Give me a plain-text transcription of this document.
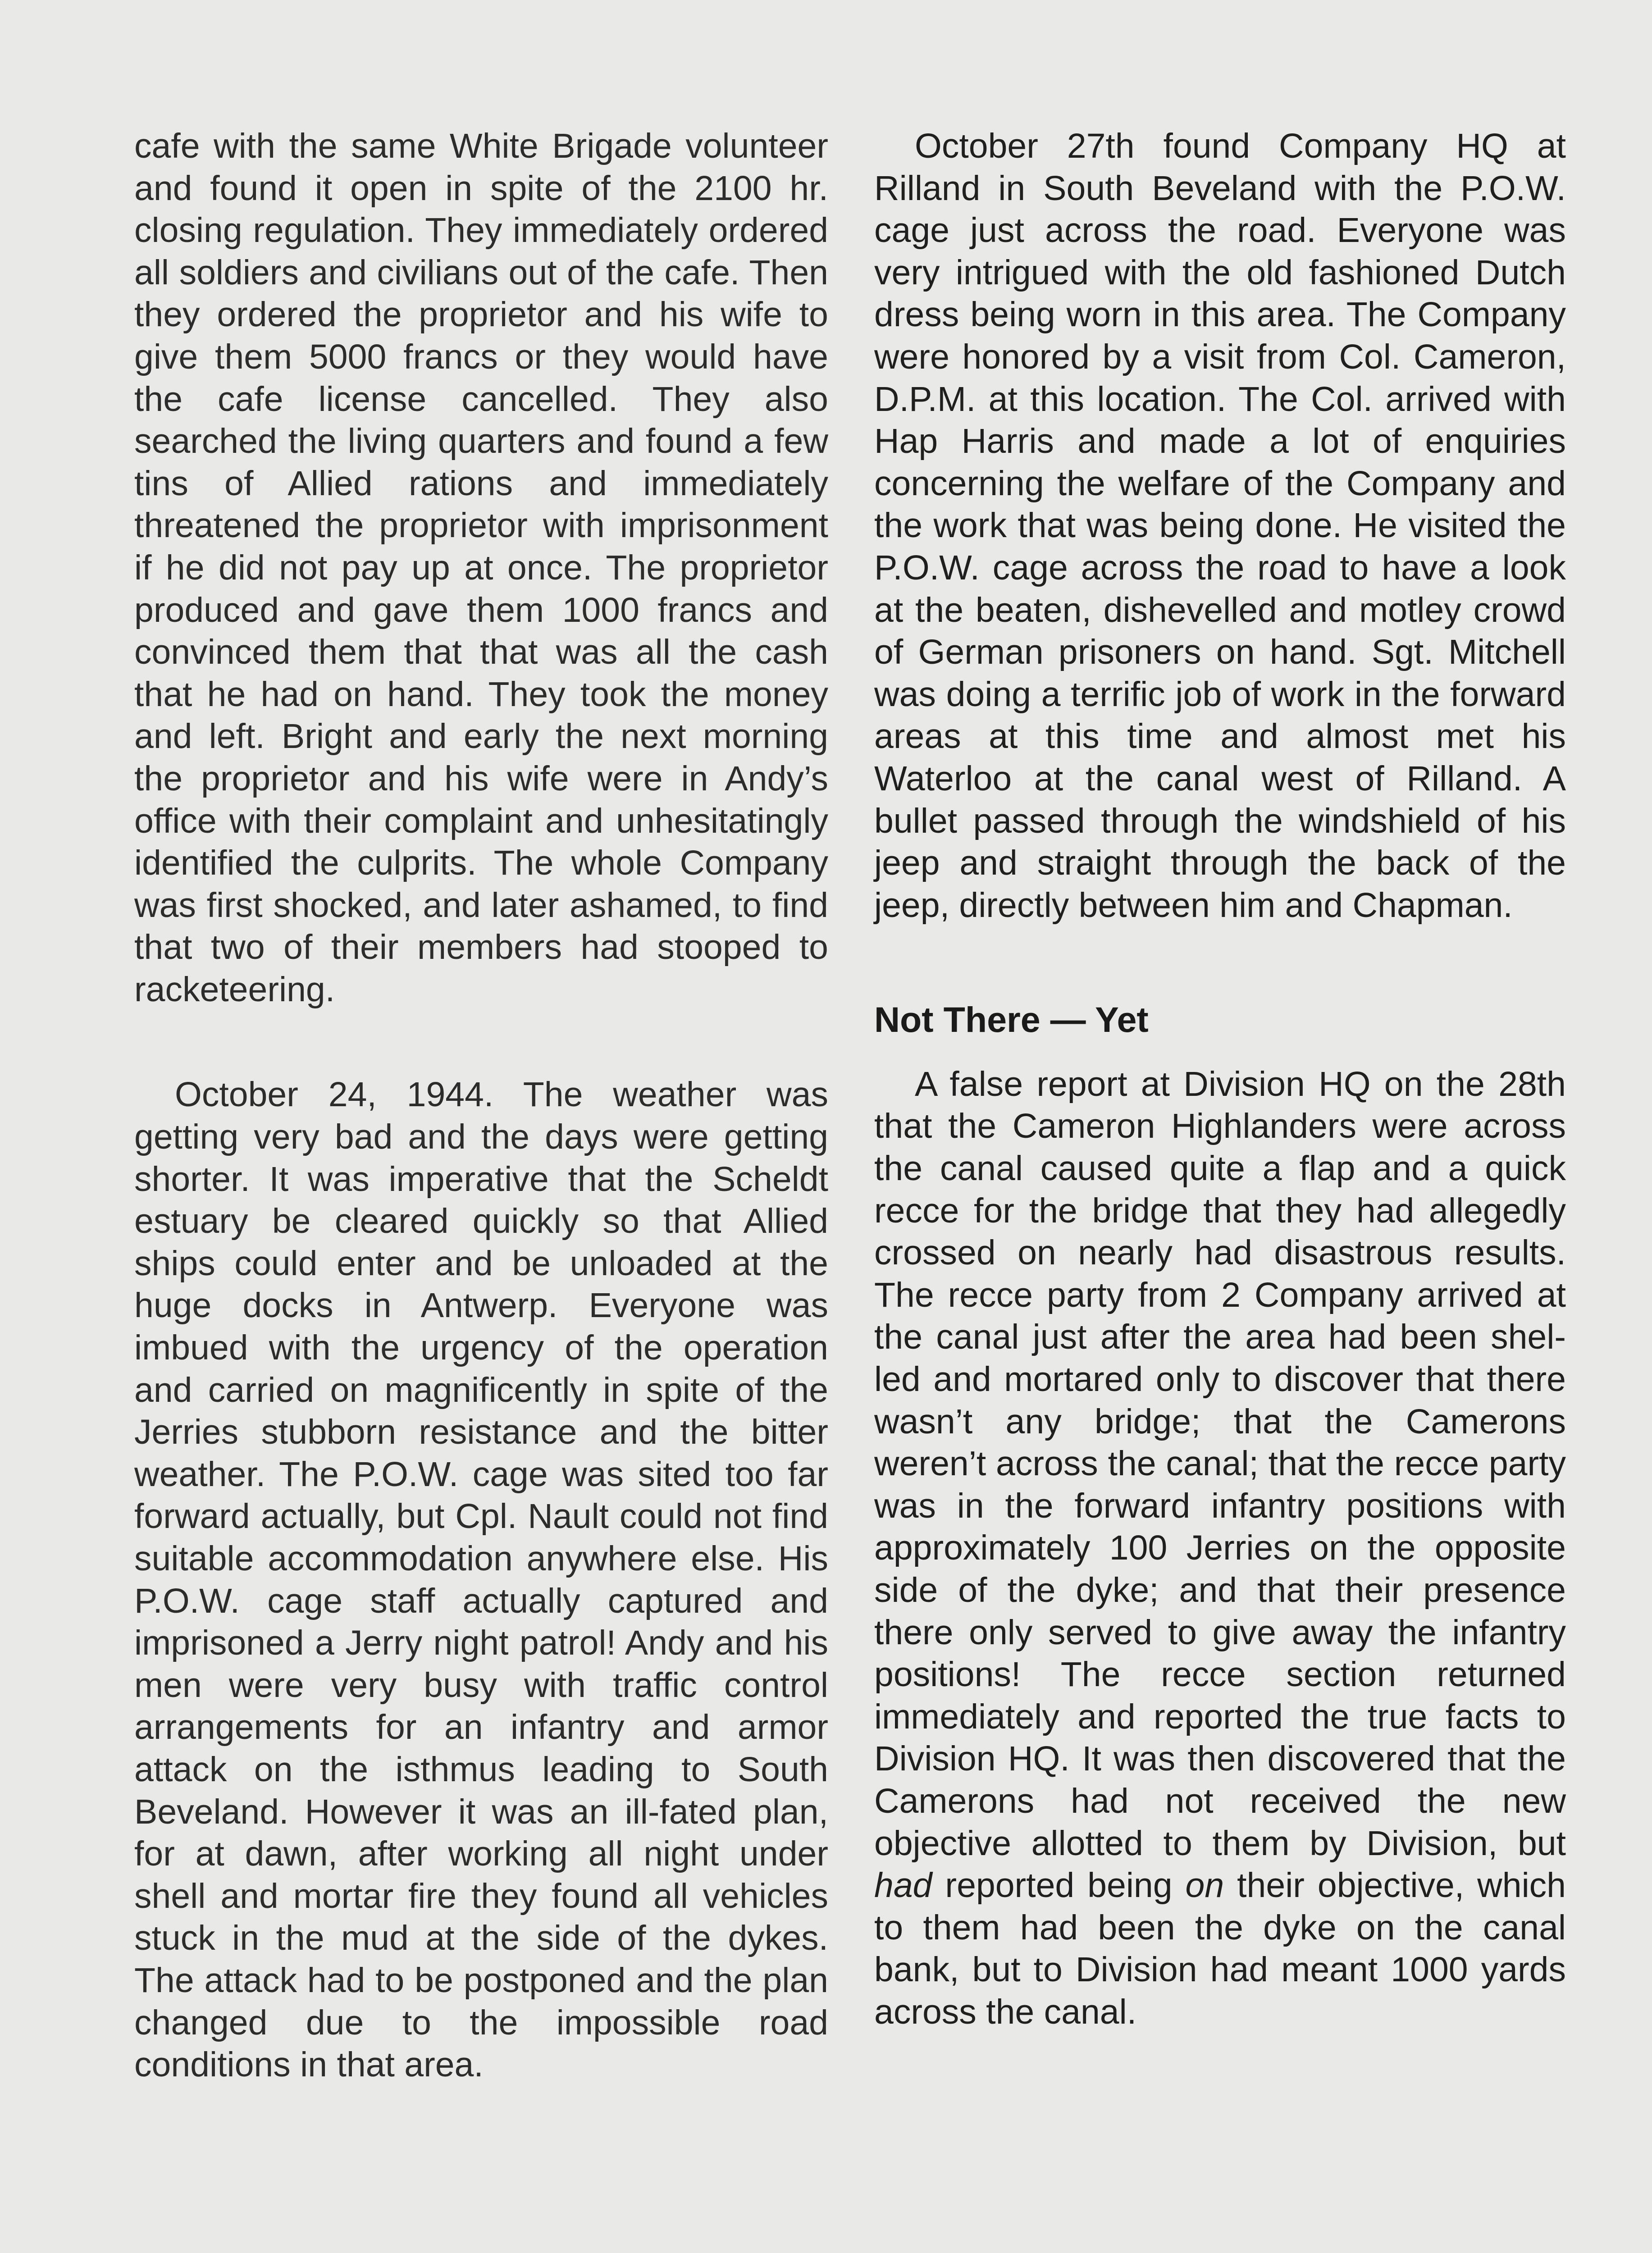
cafe with the same White Brigade volunteer and found it open in spite of the 2100 hr. closing regulation. They immediately ordered all soldiers and civilians out of the cafe. Then they ordered the proprietor and his wife to give them 5000 francs or they would have the cafe license cancelled. They also searched the living quarters and found a few tins of Allied rations and immediately threatened the proprietor with imprisonment if he did not pay up at once. The proprietor produced and gave them 1000 francs and convinced them that that was all the cash that he had on hand. They took the money and left. Bright and early the next morning the proprietor and his wife were in Andy’s office with their complaint and unhesitatingly identified the culprits. The whole Company was first shocked, and later ashamed, to find that two of their members had stooped to racketeering.

October 24, 1944. The weather was getting very bad and the days were getting shorter. It was imperative that the Scheldt estuary be cleared quickly so that Allied ships could enter and be unloaded at the huge docks in Antwerp. Everyone was imbued with the urgency of the operation and carried on magnificently in spite of the Jerries stubborn resistance and the bitter weather. The P.O.W. cage was sited too far forward actually, but Cpl. Nault could not find suitable accommodation anywhere else. His P.O.W. cage staff actually captured and imprisoned a Jerry night patrol! Andy and his men were very busy with traffic control arrangements for an infantry and armor attack on the isthmus leading to South Beveland. However it was an ill-fated plan, for at dawn, after working all night under shell and mortar fire they found all vehicles stuck in the mud at the side of the dykes. The attack had to be postponed and the plan changed due to the impossible road conditions in that area.

October 27th found Company HQ at Rilland in South Beveland with the P.O.W. cage just across the road. Everyone was very intrigued with the old fashioned Dutch dress being worn in this area. The Company were honored by a visit from Col. Cameron, D.P.M. at this location. The Col. arrived with Hap Harris and made a lot of enquiries concerning the welfare of the Company and the work that was being done. He visited the P.O.W. cage across the road to have a look at the beaten, dishevelled and motley crowd of German prisoners on hand. Sgt. Mitchell was doing a terrific job of work in the forward areas at this time and almost met his Waterloo at the canal west of Rilland. A bullet passed through the windshield of his jeep and straight through the back of the jeep, directly between him and Chapman.

Not There — Yet

A false report at Division HQ on the 28th that the Cameron Highlanders were across the canal caused quite a flap and a quick recce for the bridge that they had allegedly crossed on nearly had disastrous results. The recce party from 2 Company arrived at the canal just after the area had been shelled and mortared only to discover that there wasn’t any bridge; that the Camerons weren’t across the canal; that the recce party was in the forward infantry positions with approximately 100 Jerries on the opposite side of the dyke; and that their presence there only served to give away the infantry positions! The recce section returned immediately and reported the true facts to Division HQ. It was then discovered that the Camerons had not received the new objective allotted to them by Division, but had reported being on their objective, which to them had been the dyke on the canal bank, but to Division had meant 1000 yards across the canal.
